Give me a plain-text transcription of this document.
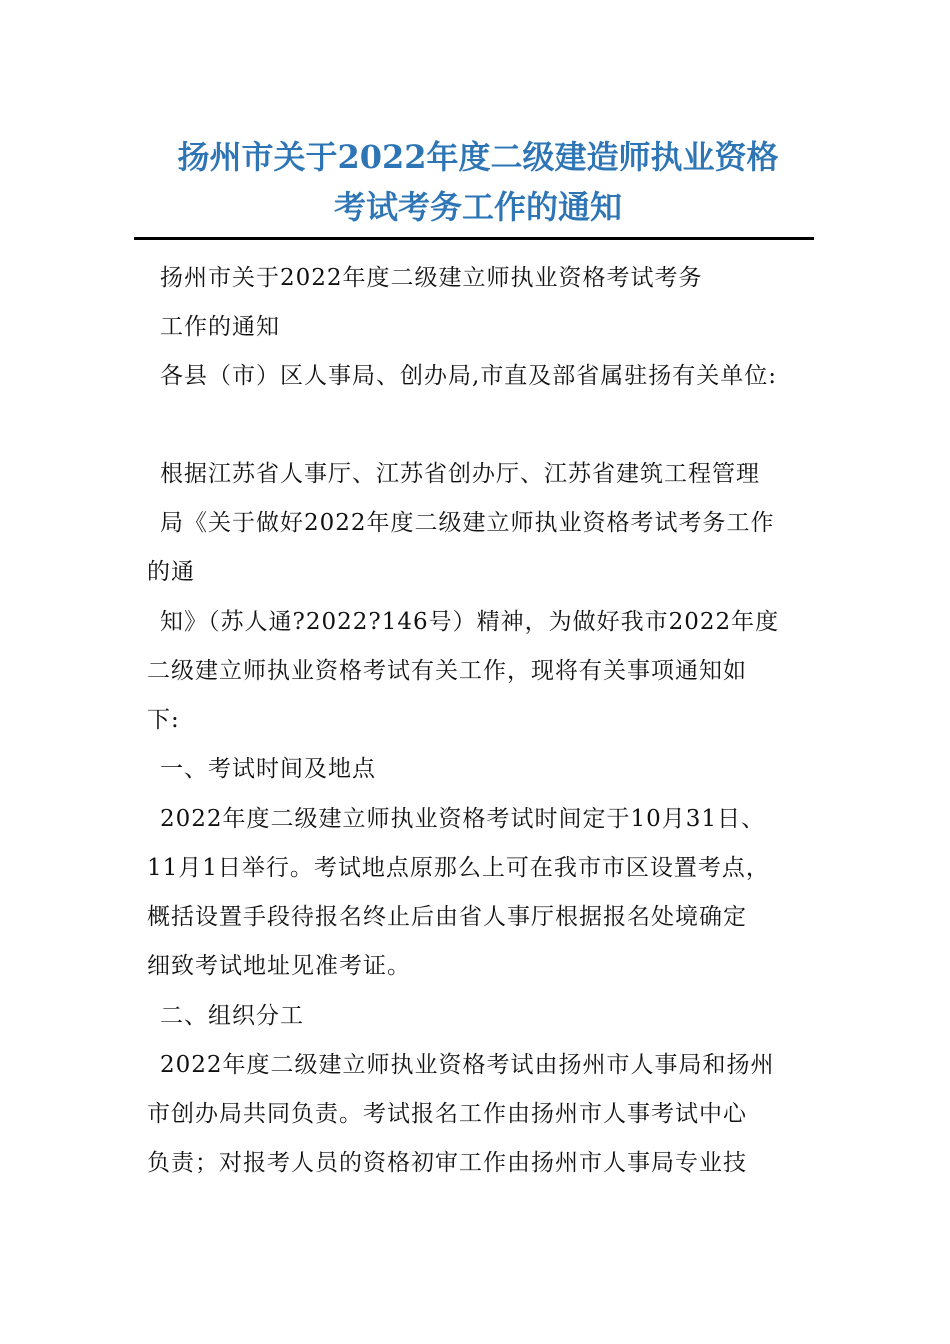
扬州市关于2022年度二级建造师执业资格
考试考务工作的通知
扬州市关于2022年度二级建立师执业资格考试考务
工作的通知
各县（市）区人事局、创办局,市直及部省属驻扬有关单位:
根据江苏省人事厅、江苏省创办厅、江苏省建筑工程管理
局《关于做好2022年度二级建立师执业资格考试考务工作
的通
知》（苏人通?2022?146号）精神，为做好我市2022年度
二级建立师执业资格考试有关工作，现将有关事项通知如
下:
一、考试时间及地点
2022年度二级建立师执业资格考试时间定于10月31日、
11月1日举行。考试地点原那么上可在我市市区设置考点，
概括设置手段待报名终止后由省人事厅根据报名处境确定
细致考试地址见准考证。
二、组织分工
2022年度二级建立师执业资格考试由扬州市人事局和扬州
市创办局共同负责。考试报名工作由扬州市人事考试中心
负责；对报考人员的资格初审工作由扬州市人事局专业技
